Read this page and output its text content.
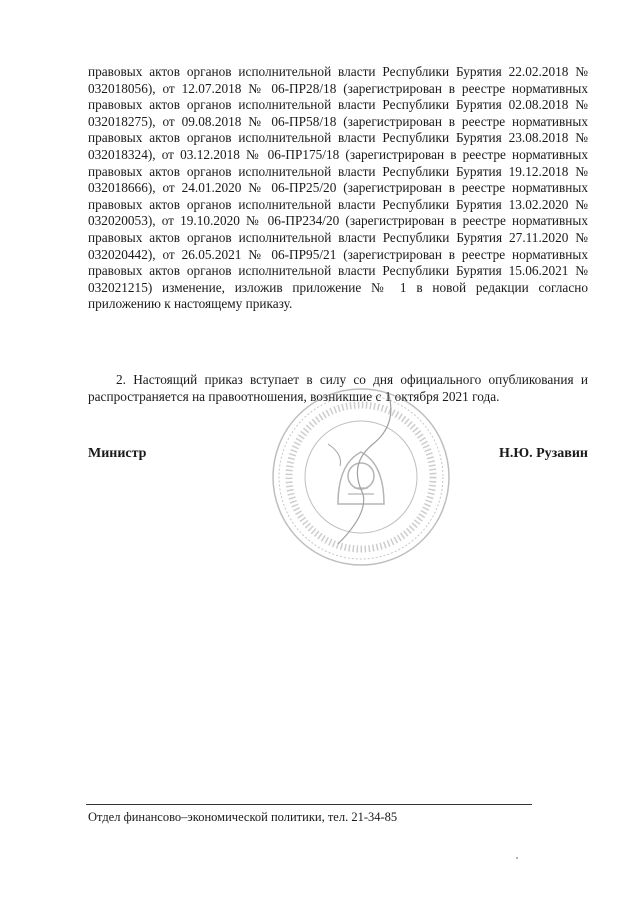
правовых актов органов исполнительной власти Республики Бурятия 22.02.2018 № 032018056), от 12.07.2018 № 06-ПР28/18 (зарегистрирован в реестре нормативных правовых актов органов исполнительной власти Республики Бурятия 02.08.2018 № 032018275), от 09.08.2018 № 06-ПР58/18 (зарегистрирован в реестре нормативных правовых актов органов исполнительной власти Республики Бурятия 23.08.2018 № 032018324), от 03.12.2018 № 06-ПР175/18 (зарегистрирован в реестре нормативных правовых актов органов исполнительной власти Республики Бурятия 19.12.2018 № 032018666), от 24.01.2020 № 06-ПР25/20 (зарегистрирован в реестре нормативных правовых актов органов исполнительной власти Республики Бурятия 13.02.2020 № 032020053), от 19.10.2020 № 06-ПР234/20 (зарегистрирован в реестре нормативных правовых актов органов исполнительной власти Республики Бурятия 27.11.2020 № 032020442), от 26.05.2021 № 06-ПР95/21 (зарегистрирован в реестре нормативных правовых актов органов исполнительной власти Республики Бурятия 15.06.2021 № 032021215) изменение, изложив приложение № 1 в новой редакции согласно приложению к настоящему приказу.

2. Настоящий приказ вступает в силу со дня официального опубликования и распространяется на правоотношения, возникшие с 1 октября 2021 года.

Министр	Н.Ю. Рузавин
Отдел финансово–экономической политики, тел. 21-34-85
